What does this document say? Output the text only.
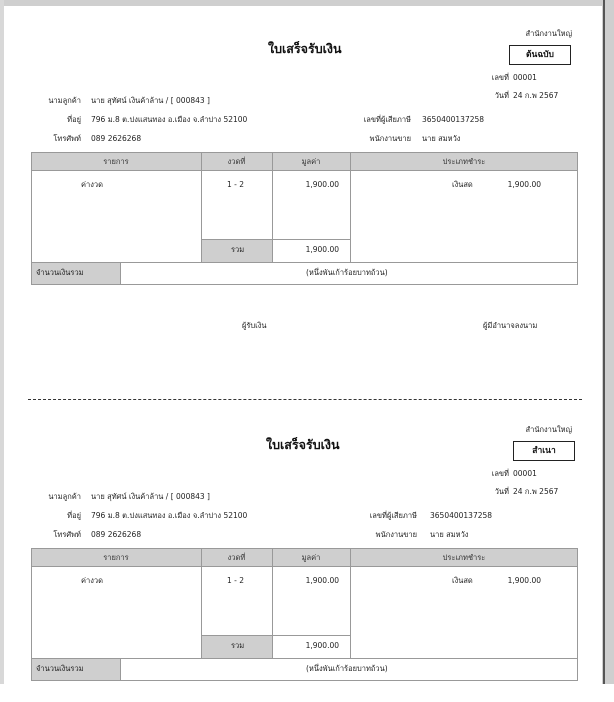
สำนักงานใหญ่
ใบเสร็จรับเงิน	ต้นฉบับ
เลขที่ 00001
วันที่ 24 ก.พ 2567
นามลูกค้า นาย สุทัศน์ เงินค้าล้าน / [ 000843 ]
ที่อยู่ 796 ม.8 ต.ปงแสนทอง อ.เมือง จ.ลำปาง 52100
โทรศัพท์ 089 2626268
เลขที่ผู้เสียภาษี 3650400137258
พนักงานขาย นาย สมหวัง
รายการ	งวดที่	มูลค่า	ประเภทชำระ
ค่างวด	1 - 2	1,900.00	เงินสด	1,900.00
รวม	1,900.00
จำนวนเงินรวม	(หนึ่งพันเก้าร้อยบาทถ้วน)
ผู้รับเงิน	ผู้มีอำนาจลงนาม
สำนักงานใหญ่
ใบเสร็จรับเงิน	สำเนา
เลขที่ 00001
วันที่ 24 ก.พ 2567
นามลูกค้า นาย สุทัศน์ เงินค้าล้าน / [ 000843 ]
ที่อยู่ 796 ม.8 ต.ปงแสนทอง อ.เมือง จ.ลำปาง 52100
โทรศัพท์ 089 2626268
เลขที่ผู้เสียภาษี 3650400137258
พนักงานขาย นาย สมหวัง
รายการ	งวดที่	มูลค่า	ประเภทชำระ
ค่างวด	1 - 2	1,900.00	เงินสด	1,900.00
รวม	1,900.00
จำนวนเงินรวม	(หนึ่งพันเก้าร้อยบาทถ้วน)
